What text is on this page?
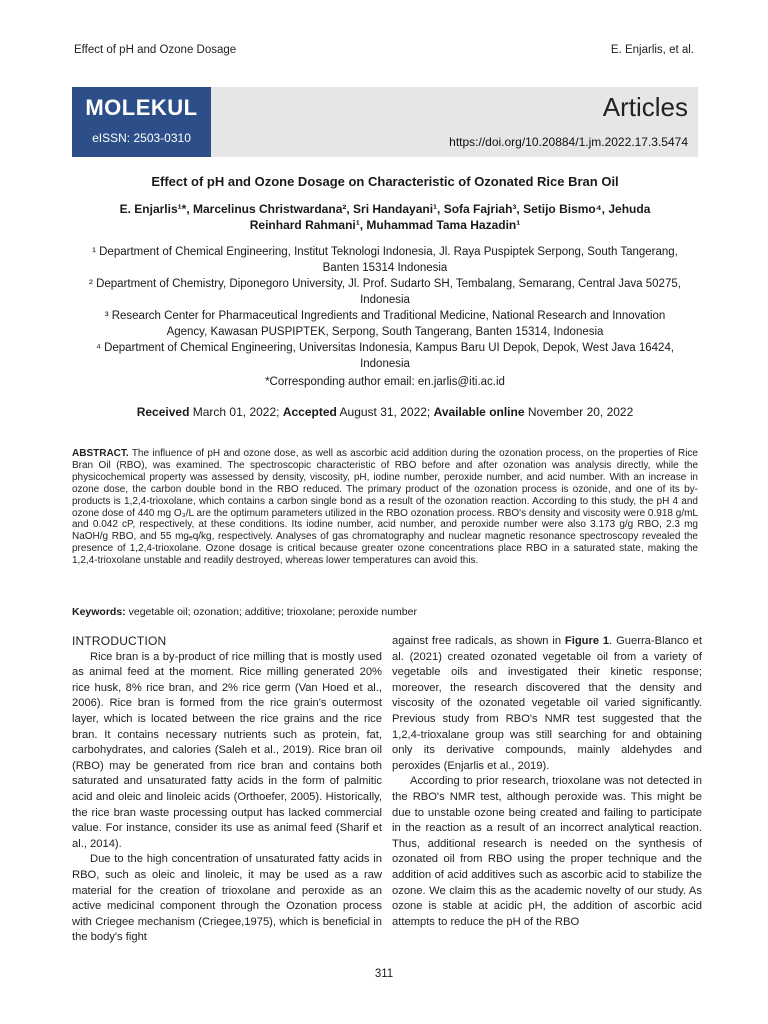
Effect of pH and Ozone Dosage	E. Enjarlis, et al.
MOLEKUL
eISSN: 2503-0310
Articles
https://doi.org/10.20884/1.jm.2022.17.3.5474
Effect of pH and Ozone Dosage on Characteristic of Ozonated Rice Bran Oil
E. Enjarlis¹*, Marcelinus Christwardana², Sri Handayani¹, Sofa Fajriah³, Setijo Bismo⁴, Jehuda Reinhard Rahmani¹, Muhammad Tama Hazadin¹
¹ Department of Chemical Engineering, Institut Teknologi Indonesia, Jl. Raya Puspiptek Serpong, South Tangerang, Banten 15314 Indonesia
² Department of Chemistry, Diponegoro University, Jl. Prof. Sudarto SH, Tembalang, Semarang, Central Java 50275, Indonesia
³ Research Center for Pharmaceutical Ingredients and Traditional Medicine, National Research and Innovation Agency, Kawasan PUSPIPTEK, Serpong, South Tangerang, Banten 15314, Indonesia
⁴ Department of Chemical Engineering, Universitas Indonesia, Kampus Baru UI Depok, Depok, West Java 16424, Indonesia
*Corresponding author email: en.jarlis@iti.ac.id
Received March 01, 2022; Accepted August 31, 2022; Available online November 20, 2022
ABSTRACT. The influence of pH and ozone dose, as well as ascorbic acid addition during the ozonation process, on the properties of Rice Bran Oil (RBO), was examined. The spectroscopic characteristic of RBO before and after ozonation was analysis directly, while the physicochemical property was assessed by density, viscosity, pH, iodine number, peroxide number, and acid number. With an increase in ozone dose, the carbon double bond in the RBO reduced. The primary product of the ozonation process is ozonide, and one of its by-products is 1,2,4-trioxolane, which contains a carbon single bond as a result of the ozonation reaction. According to this study, the pH 4 and ozone dose of 440 mg O₃/L are the optimum parameters utilized in the RBO ozonation process. RBO's density and viscosity were 0.918 g/mL and 0.042 cP, respectively, at these conditions. Its iodine number, acid number, and peroxide number were also 3.173 g/g RBO, 2.3 mg NaOH/g RBO, and 55 mgₑq/kg, respectively. Analyses of gas chromatography and nuclear magnetic resonance spectroscopy revealed the presence of 1,2,4-trioxolane. Ozone dosage is critical because greater ozone concentrations place RBO in a saturated state, making the 1,2,4-trioxolane unstable and readily destroyed, whereas lower temperatures can avoid this.
Keywords: vegetable oil; ozonation; additive; trioxolane; peroxide number

INTRODUCTION

Rice bran is a by-product of rice milling that is mostly used as animal feed at the moment. Rice milling generated 20% rice husk, 8% rice bran, and 2% rice germ (Van Hoed et al., 2006). Rice bran is formed from the rice grain's outermost layer, which is located between the rice grains and the rice bran. It contains necessary nutrients such as protein, fat, carbohydrates, and calories (Saleh et al., 2019). Rice bran oil (RBO) may be generated from rice bran and contains both saturated and unsaturated fatty acids in the form of palmitic acid and oleic and linoleic acids (Orthoefer, 2005). Historically, the rice bran waste processing output has lacked commercial value. For instance, consider its use as animal feed (Sharif et al., 2014).

Due to the high concentration of unsaturated fatty acids in RBO, such as oleic and linoleic, it may be used as a raw material for the creation of trioxolane and peroxide as an active medicinal component through the Ozonation process with Criegee mechanism (Criegee,1975), which is beneficial in the body's fight

against free radicals, as shown in Figure 1. Guerra-Blanco et al. (2021) created ozonated vegetable oil from a variety of vegetable oils and investigated their kinetic response; moreover, the research discovered that the density and viscosity of the ozonated vegetable oil varied significantly. Previous study from RBO's NMR test suggested that the 1,2,4-trioxalane group was still searching for and obtaining only its derivative compounds, mainly aldehydes and peroxides (Enjarlis et al., 2019).

According to prior research, trioxolane was not detected in the RBO's NMR test, although peroxide was. This might be due to unstable ozone being created and failing to participate in the reaction as a result of an incorrect analytical reaction. Thus, additional research is needed on the synthesis of ozonated oil from RBO using the proper technique and the addition of acid additives such as ascorbic acid to stabilize the ozone. We claim this as the academic novelty of our study. As ozone is stable at acidic pH, the addition of ascorbic acid attempts to reduce the pH of the RBO

311
